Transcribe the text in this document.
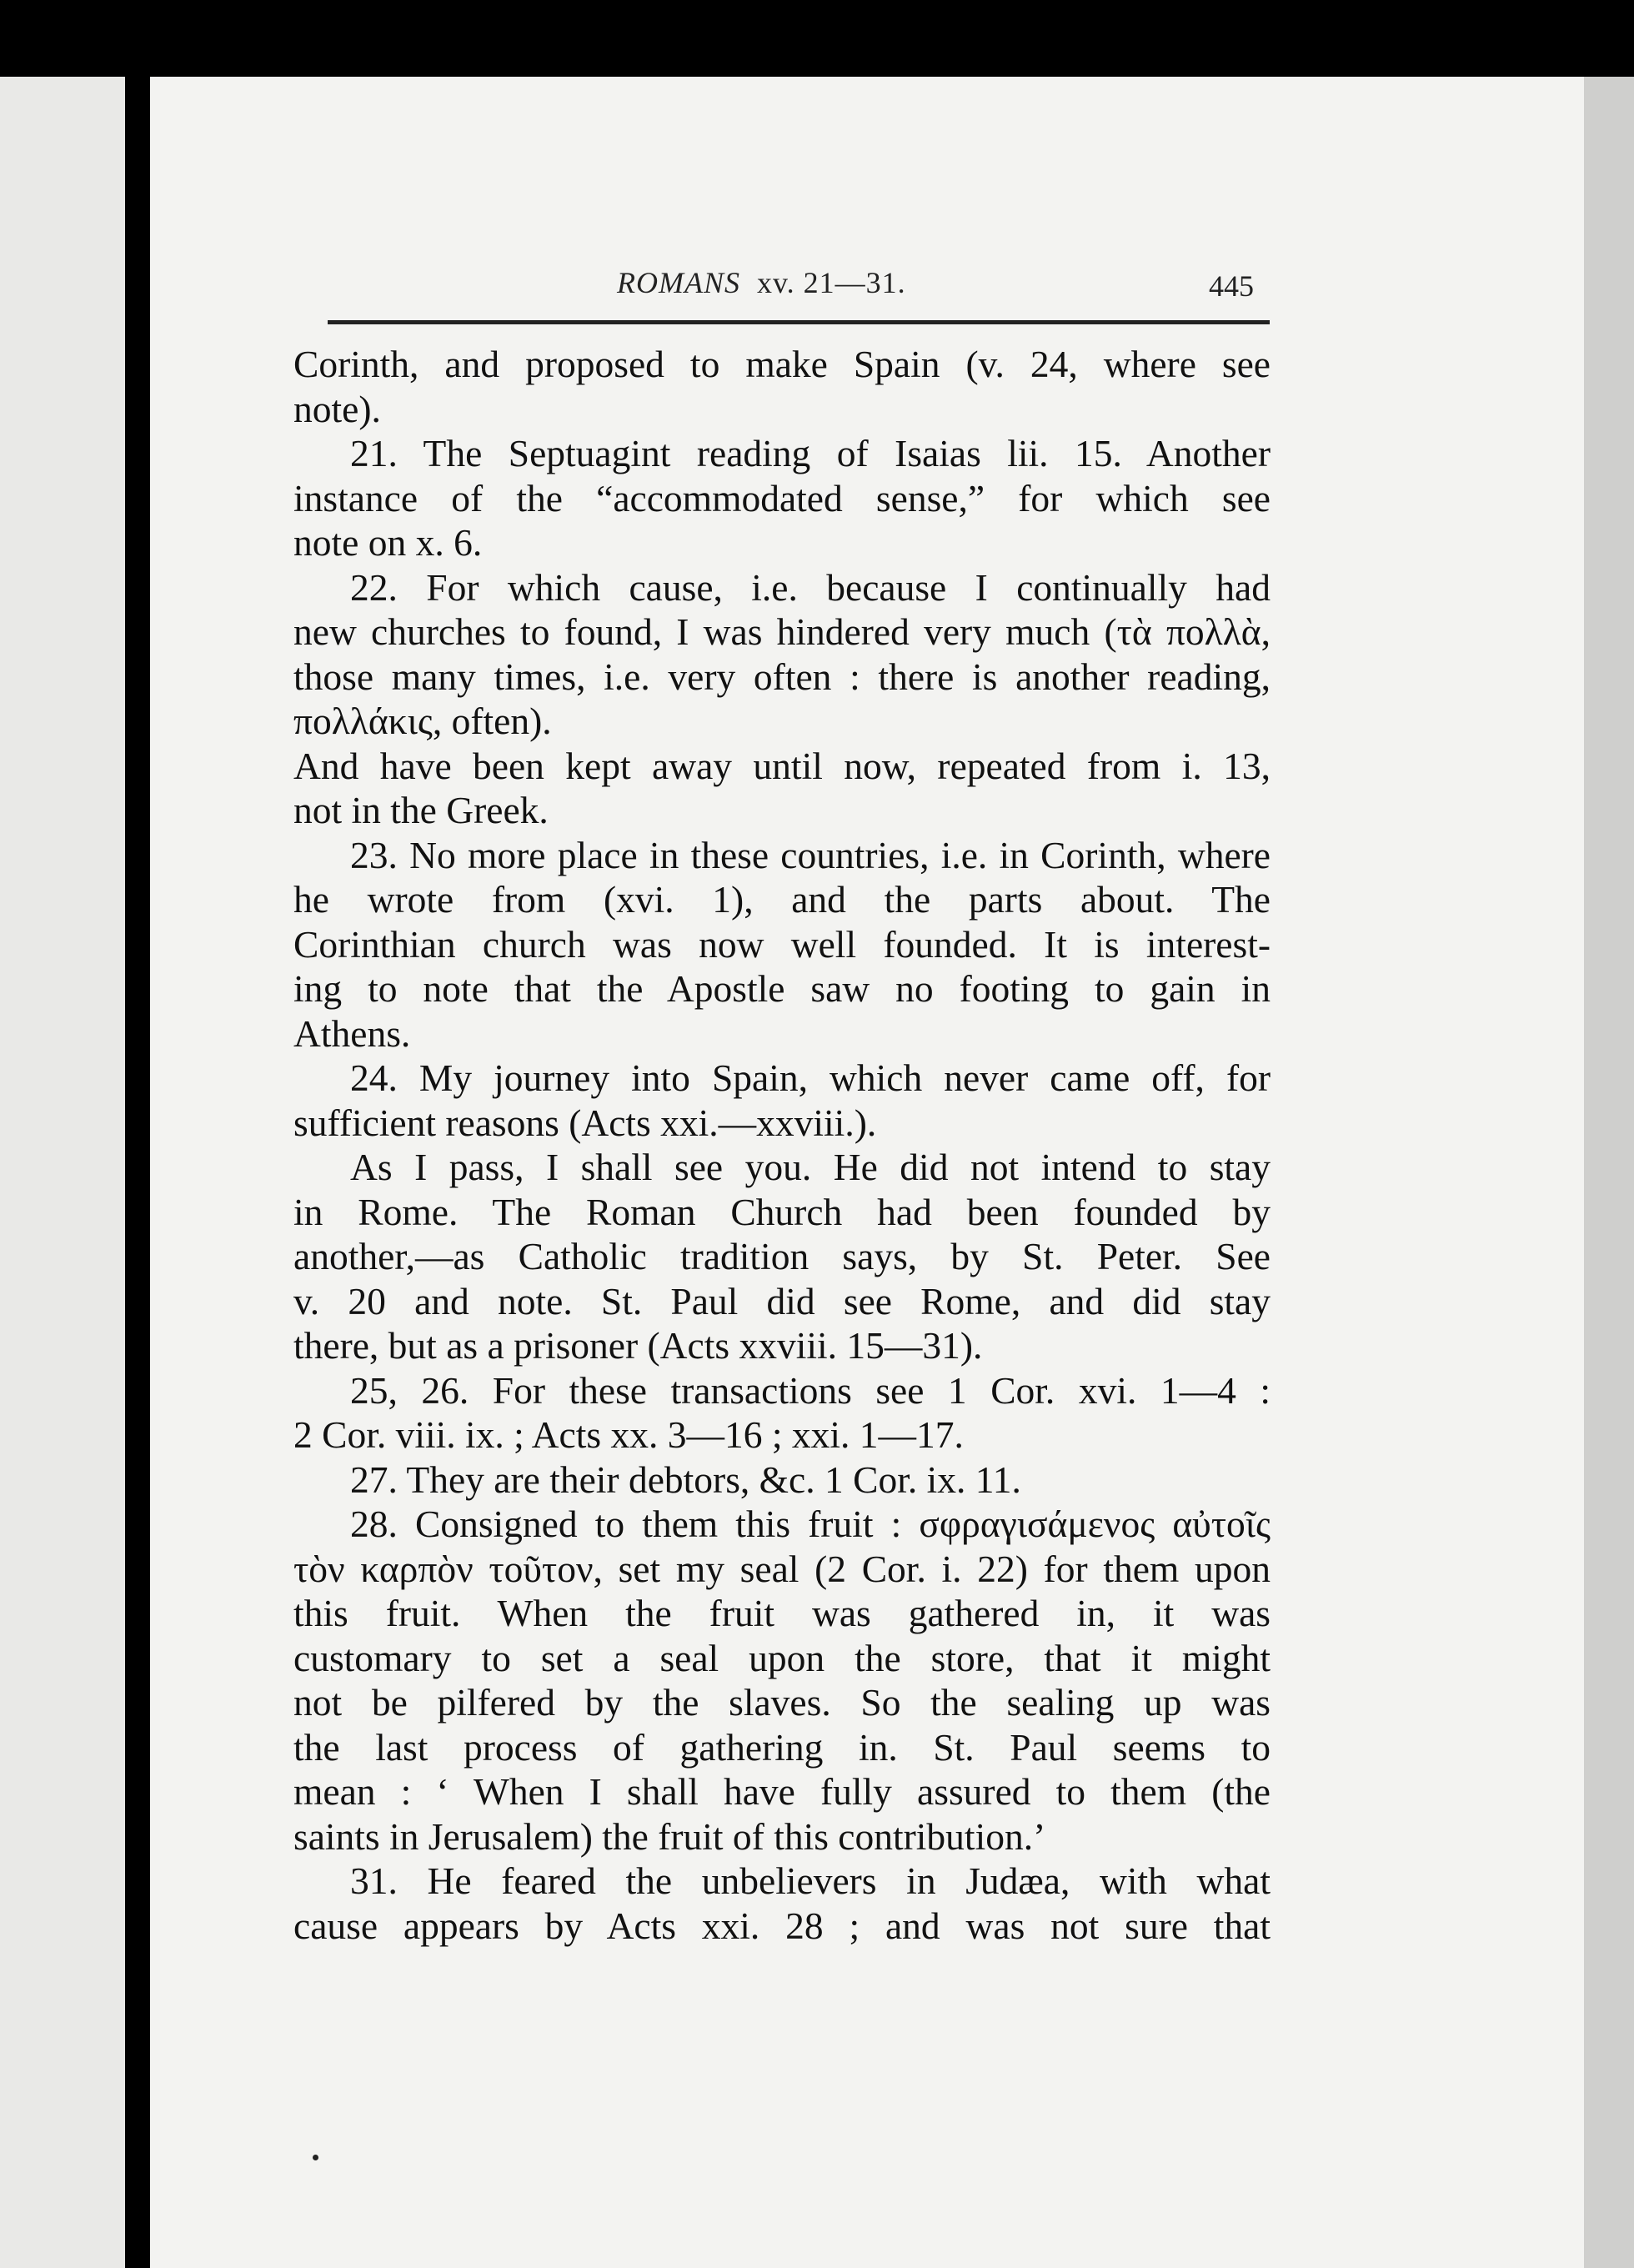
ROMANS xv. 21—31.	445
Corinth, and proposed to make Spain (v. 24, where see
note).
21. The Septuagint reading of Isaias lii. 15. Another
instance of the “accommodated sense,” for which see
note on x. 6.
22. For which cause, i.e. because I continually had
new churches to found, I was hindered very much (τὰ πολλὰ,
those many times, i.e. very often : there is another reading,
πολλάκις, often).
And have been kept away until now, repeated from i. 13,
not in the Greek.
23. No more place in these countries, i.e. in Corinth, where
he wrote from (xvi. 1), and the parts about. The
Corinthian church was now well founded. It is interest-
ing to note that the Apostle saw no footing to gain in
Athens.
24. My journey into Spain, which never came off, for
sufficient reasons (Acts xxi.—xxviii.).
As I pass, I shall see you. He did not intend to stay
in Rome. The Roman Church had been founded by
another,—as Catholic tradition says, by St. Peter. See
v. 20 and note. St. Paul did see Rome, and did stay
there, but as a prisoner (Acts xxviii. 15—31).
25, 26. For these transactions see 1 Cor. xvi. 1—4 :
2 Cor. viii. ix. ; Acts xx. 3—16 ; xxi. 1—17.
27. They are their debtors, &c. 1 Cor. ix. 11.
28. Consigned to them this fruit : σφραγισάμενος αὐτοῖς
τὸν καρπὸν τοῦτον, set my seal (2 Cor. i. 22) for them upon
this fruit. When the fruit was gathered in, it was
customary to set a seal upon the store, that it might
not be pilfered by the slaves. So the sealing up was
the last process of gathering in. St. Paul seems to
mean : ‘ When I shall have fully assured to them (the
saints in Jerusalem) the fruit of this contribution.’
31. He feared the unbelievers in Judæa, with what
cause appears by Acts xxi. 28 ; and was not sure that
